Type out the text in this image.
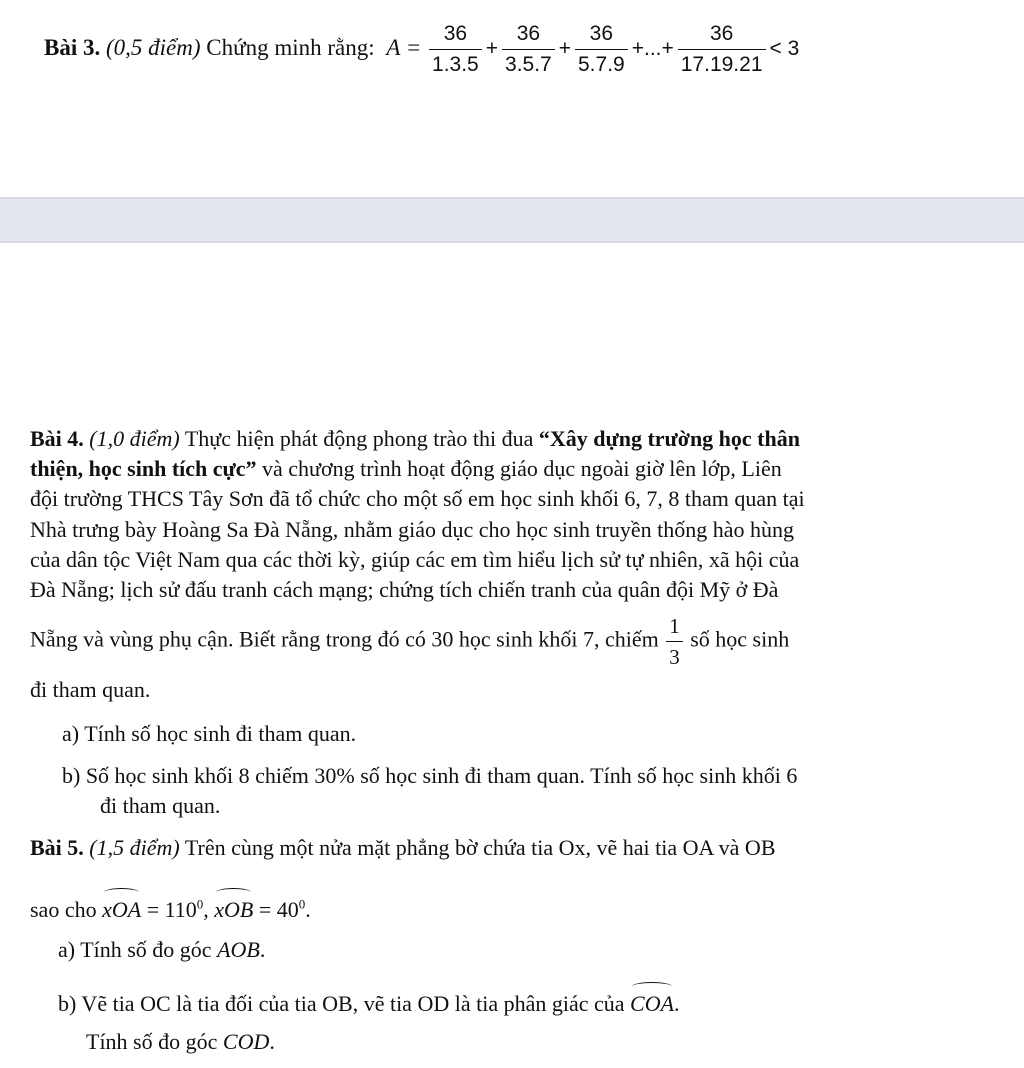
Bài 3. (0,5 điểm) Chứng minh rằng: $A = \frac{36}{1.3.5} + \frac{36}{3.5.7} + \frac{36}{5.7.9}$ +...+ $\frac{36}{17.19.21} < 3$
Bài 4. (1,0 điểm) Thực hiện phát động phong trào thi đua “Xây dựng trường học thân
thiện, học sinh tích cực” và chương trình hoạt động giáo dục ngoài giờ lên lớp, Liên
đội trường THCS Tây Sơn đã tổ chức cho một số em học sinh khối 6, 7, 8 tham quan tại
Nhà trưng bày Hoàng Sa Đà Nẵng, nhằm giáo dục cho học sinh truyền thống hào hùng
của dân tộc Việt Nam qua các thời kỳ, giúp các em tìm hiểu lịch sử tự nhiên, xã hội của
Đà Nẵng; lịch sử đấu tranh cách mạng; chứng tích chiến tranh của quân đội Mỹ ở Đà
Nẵng và vùng phụ cận. Biết rằng trong đó có 30 học sinh khối 7, chiếm $\frac{1}{3}$ số học sinh
đi tham quan.
a) Tính số học sinh đi tham quan.
b) Số học sinh khối 8 chiếm 30% số học sinh đi tham quan. Tính số học sinh khối 6
đi tham quan.
Bài 5. (1,5 điểm) Trên cùng một nửa mặt phẳng bờ chứa tia Ox, vẽ hai tia OA và OB
sao cho xOA = $110^0$, xOB = $40^0$.
a) Tính số đo góc AOB.
b) Vẽ tia OC là tia đối của tia OB, vẽ tia OD là tia phân giác của COA.
Tính số đo góc COD.
